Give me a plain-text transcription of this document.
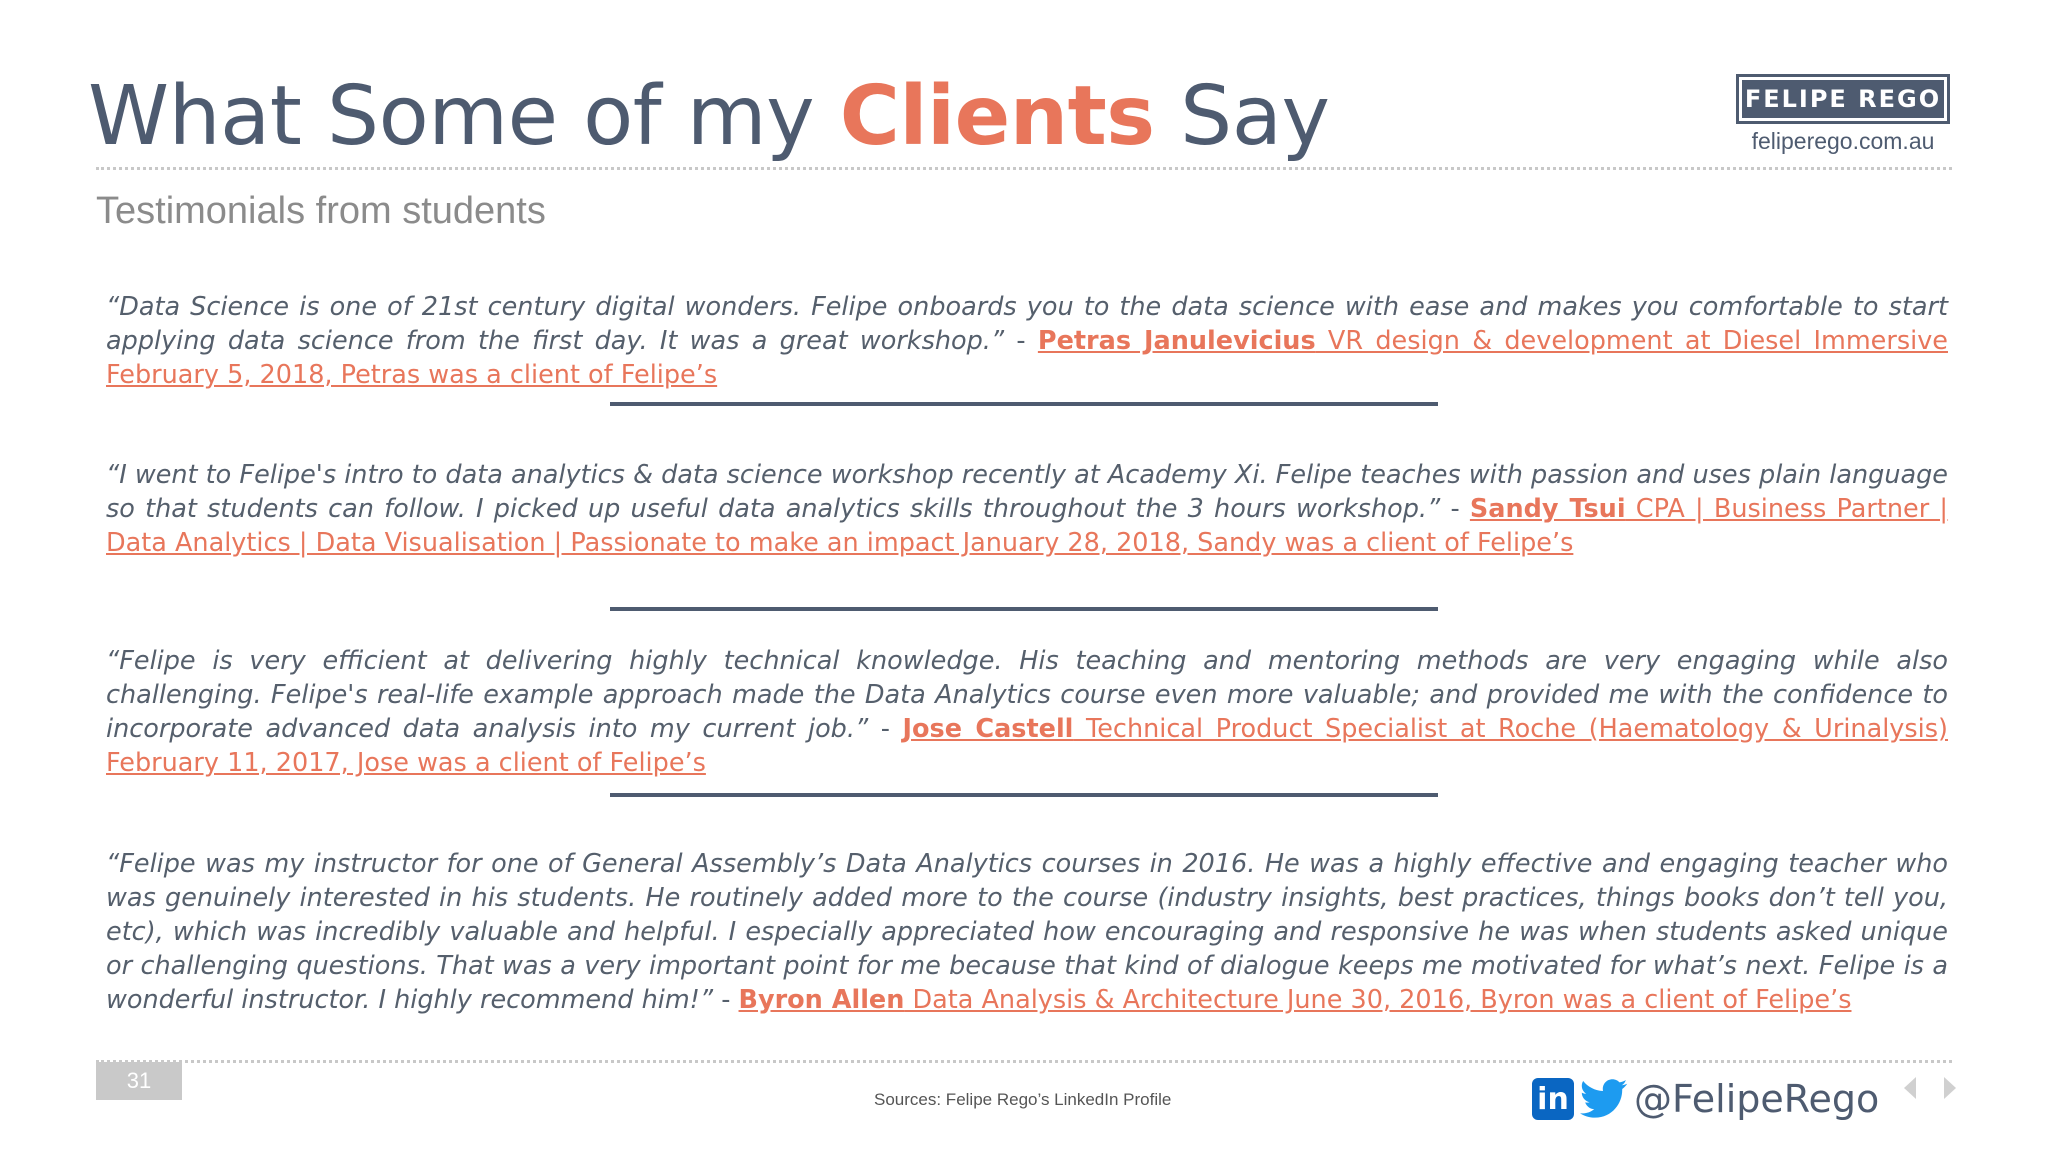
What Some of my Clients Say	FELIPE REGO
feliperego.com.au
Testimonials from students
“Data Science is one of 21st century digital wonders. Felipe onboards you to the data science with ease and makes you comfortable to start applying data science from the first day. It was a great workshop.” - Petras Janulevicius VR design & development at Diesel Immersive February 5, 2018, Petras was a client of Felipe’s
“I went to Felipe's intro to data analytics & data science workshop recently at Academy Xi. Felipe teaches with passion and uses plain language so that students can follow. I picked up useful data analytics skills throughout the 3 hours workshop.” - Sandy Tsui CPA | Business Partner | Data Analytics | Data Visualisation | Passionate to make an impact January 28, 2018, Sandy was a client of Felipe’s
“Felipe is very efficient at delivering highly technical knowledge. His teaching and mentoring methods are very engaging while also challenging. Felipe's real-life example approach made the Data Analytics course even more valuable; and provided me with the confidence to incorporate advanced data analysis into my current job.” - Jose Castell Technical Product Specialist at Roche (Haematology & Urinalysis) February 11, 2017, Jose was a client of Felipe’s
“Felipe was my instructor for one of General Assembly’s Data Analytics courses in 2016. He was a highly effective and engaging teacher who was genuinely interested in his students. He routinely added more to the course (industry insights, best practices, things books don’t tell you, etc), which was incredibly valuable and helpful. I especially appreciated how encouraging and responsive he was when students asked unique or challenging questions. That was a very important point for me because that kind of dialogue keeps me motivated for what’s next. Felipe is a wonderful instructor. I highly recommend him!” - Byron Allen Data Analysis & Architecture June 30, 2016, Byron was a client of Felipe’s
31
Sources: Felipe Rego’s LinkedIn Profile	in @FelipeRego
